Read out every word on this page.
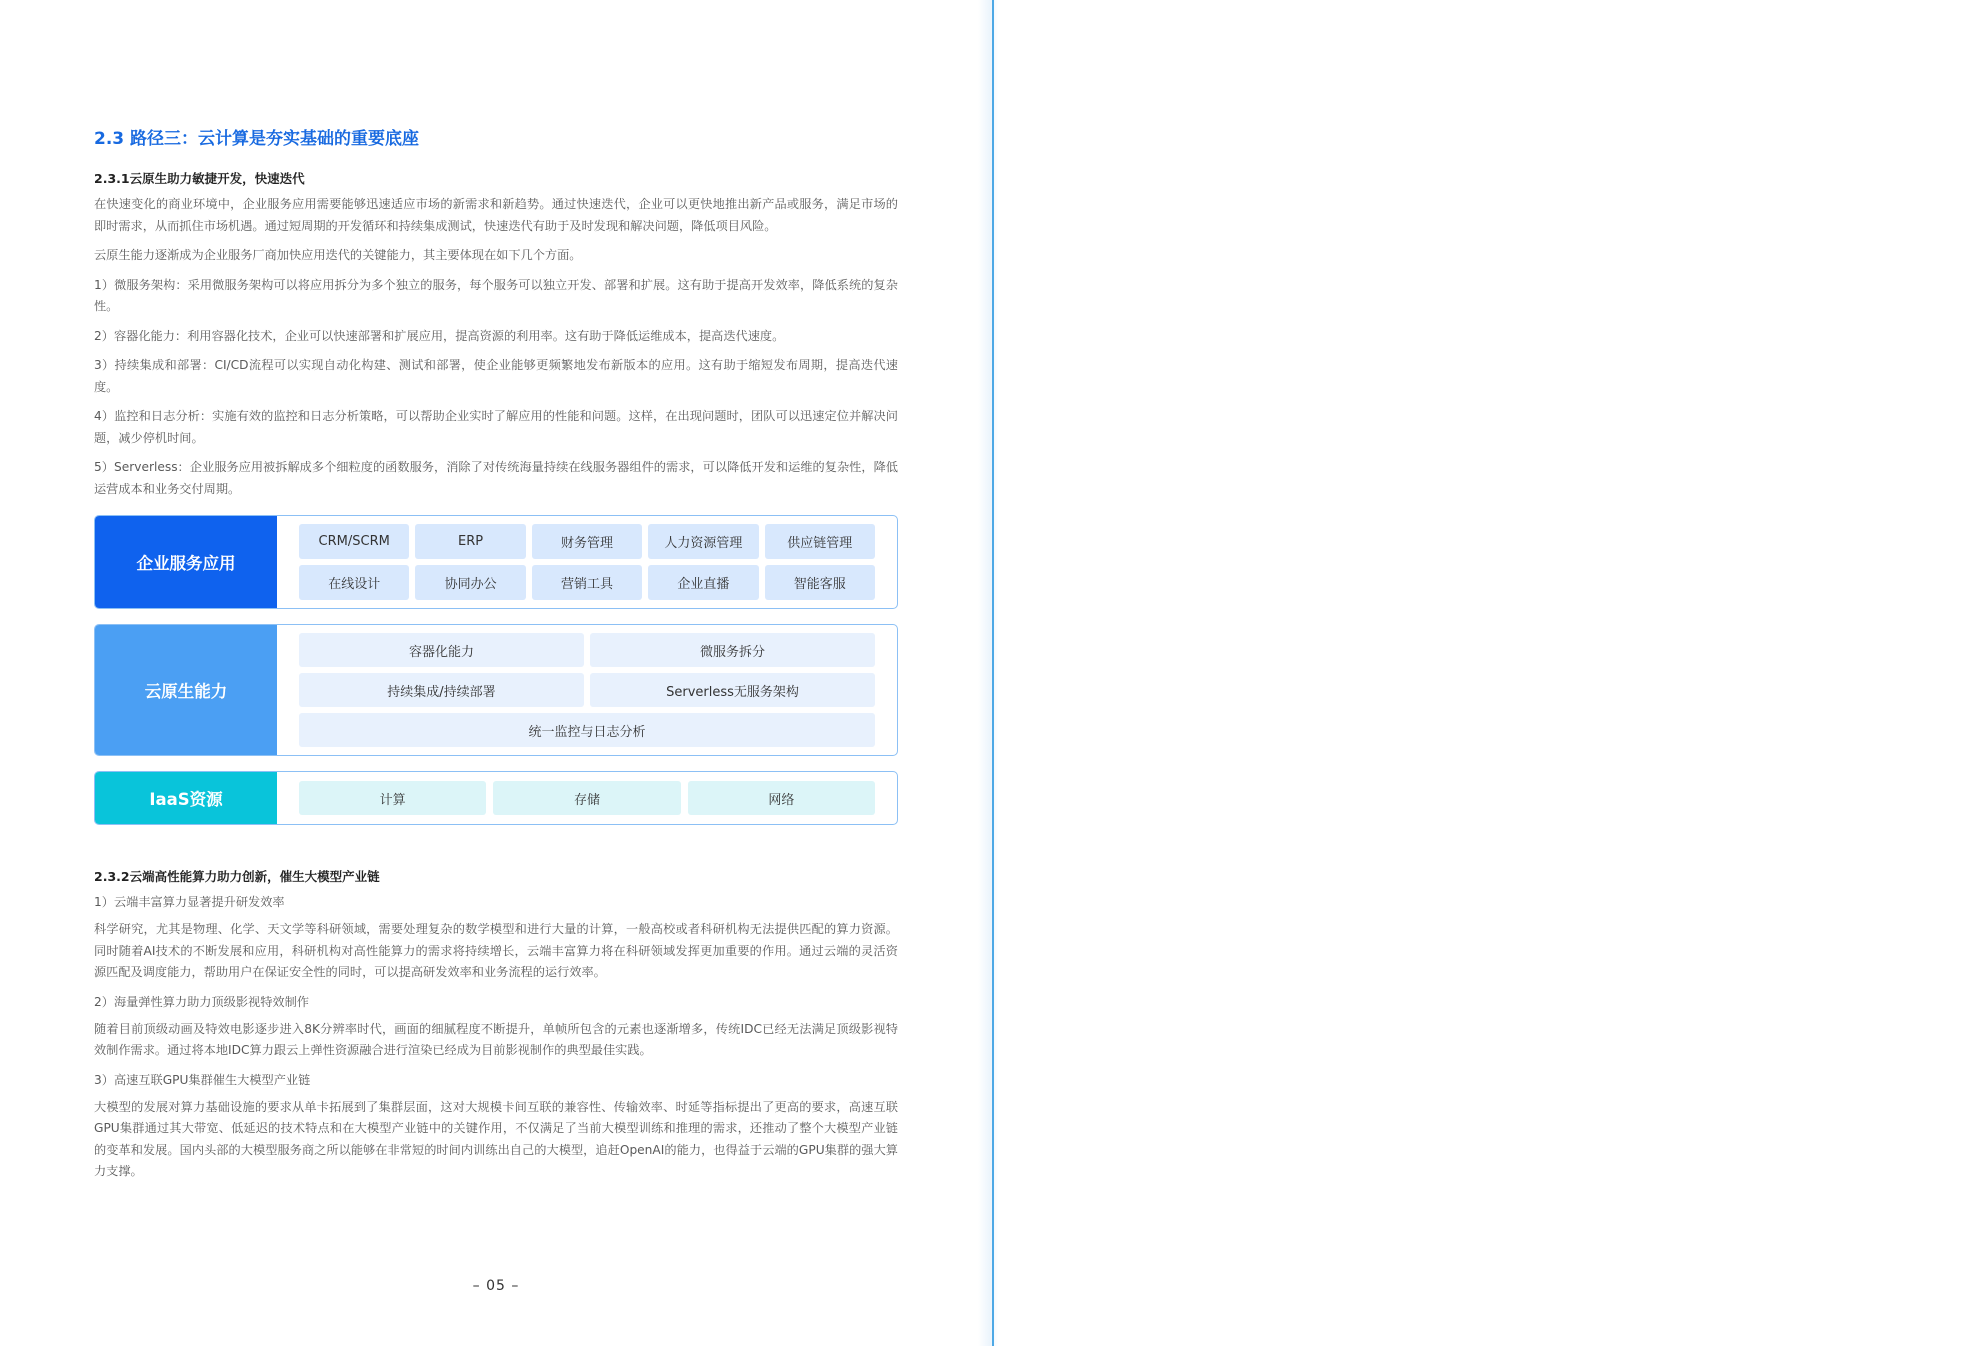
2.3 路径三：云计算是夯实基础的重要底座
2.3.1云原生助力敏捷开发，快速迭代
在快速变化的商业环境中，企业服务应用需要能够迅速适应市场的新需求和新趋势。通过快速迭代，企业可以更快地推出新产品或服务，满足市场的即时需求，从而抓住市场机遇。通过短周期的开发循环和持续集成测试，快速迭代有助于及时发现和解决问题，降低项目风险。
云原生能力逐渐成为企业服务厂商加快应用迭代的关键能力，其主要体现在如下几个方面。
1）微服务架构：采用微服务架构可以将应用拆分为多个独立的服务，每个服务可以独立开发、部署和扩展。这有助于提高开发效率，降低系统的复杂性。
2）容器化能力：利用容器化技术，企业可以快速部署和扩展应用，提高资源的利用率。这有助于降低运维成本，提高迭代速度。
3）持续集成和部署：CI/CD流程可以实现自动化构建、测试和部署，使企业能够更频繁地发布新版本的应用。这有助于缩短发布周期，提高迭代速度。
4）监控和日志分析：实施有效的监控和日志分析策略，可以帮助企业实时了解应用的性能和问题。这样，在出现问题时，团队可以迅速定位并解决问题，减少停机时间。
5）Serverless：企业服务应用被拆解成多个细粒度的函数服务，消除了对传统海量持续在线服务器组件的需求，可以降低开发和运维的复杂性，降低运营成本和业务交付周期。
企业服务应用
CRM/SCRM	ERP	财务管理	人力资源管理	供应链管理
在线设计	协同办公	营销工具	企业直播	智能客服
云原生能力
容器化能力	微服务拆分
持续集成/持续部署	Serverless无服务架构
统一监控与日志分析
IaaS资源	计算	存储	网络
2.3.2云端高性能算力助力创新，催生大模型产业链
1）云端丰富算力显著提升研发效率
科学研究，尤其是物理、化学、天文学等科研领域，需要处理复杂的数学模型和进行大量的计算，一般高校或者科研机构无法提供匹配的算力资源。同时随着AI技术的不断发展和应用，科研机构对高性能算力的需求将持续增长，云端丰富算力将在科研领域发挥更加重要的作用。通过云端的灵活资源匹配及调度能力，帮助用户在保证安全性的同时，可以提高研发效率和业务流程的运行效率。
2）海量弹性算力助力顶级影视特效制作
随着目前顶级动画及特效电影逐步进入8K分辨率时代，画面的细腻程度不断提升，单帧所包含的元素也逐渐增多，传统IDC已经无法满足顶级影视特效制作需求。通过将本地IDC算力跟云上弹性资源融合进行渲染已经成为目前影视制作的典型最佳实践。
3）高速互联GPU集群催生大模型产业链
大模型的发展对算力基础设施的要求从单卡拓展到了集群层面，这对大规模卡间互联的兼容性、传输效率、时延等指标提出了更高的要求，高速互联GPU集群通过其大带宽、低延迟的技术特点和在大模型产业链中的关键作用，不仅满足了当前大模型训练和推理的需求，还推动了整个大模型产业链的变革和发展。国内头部的大模型服务商之所以能够在非常短的时间内训练出自己的大模型，追赶OpenAI的能力，也得益于云端的GPU集群的强大算力支撑。
– 05 –
